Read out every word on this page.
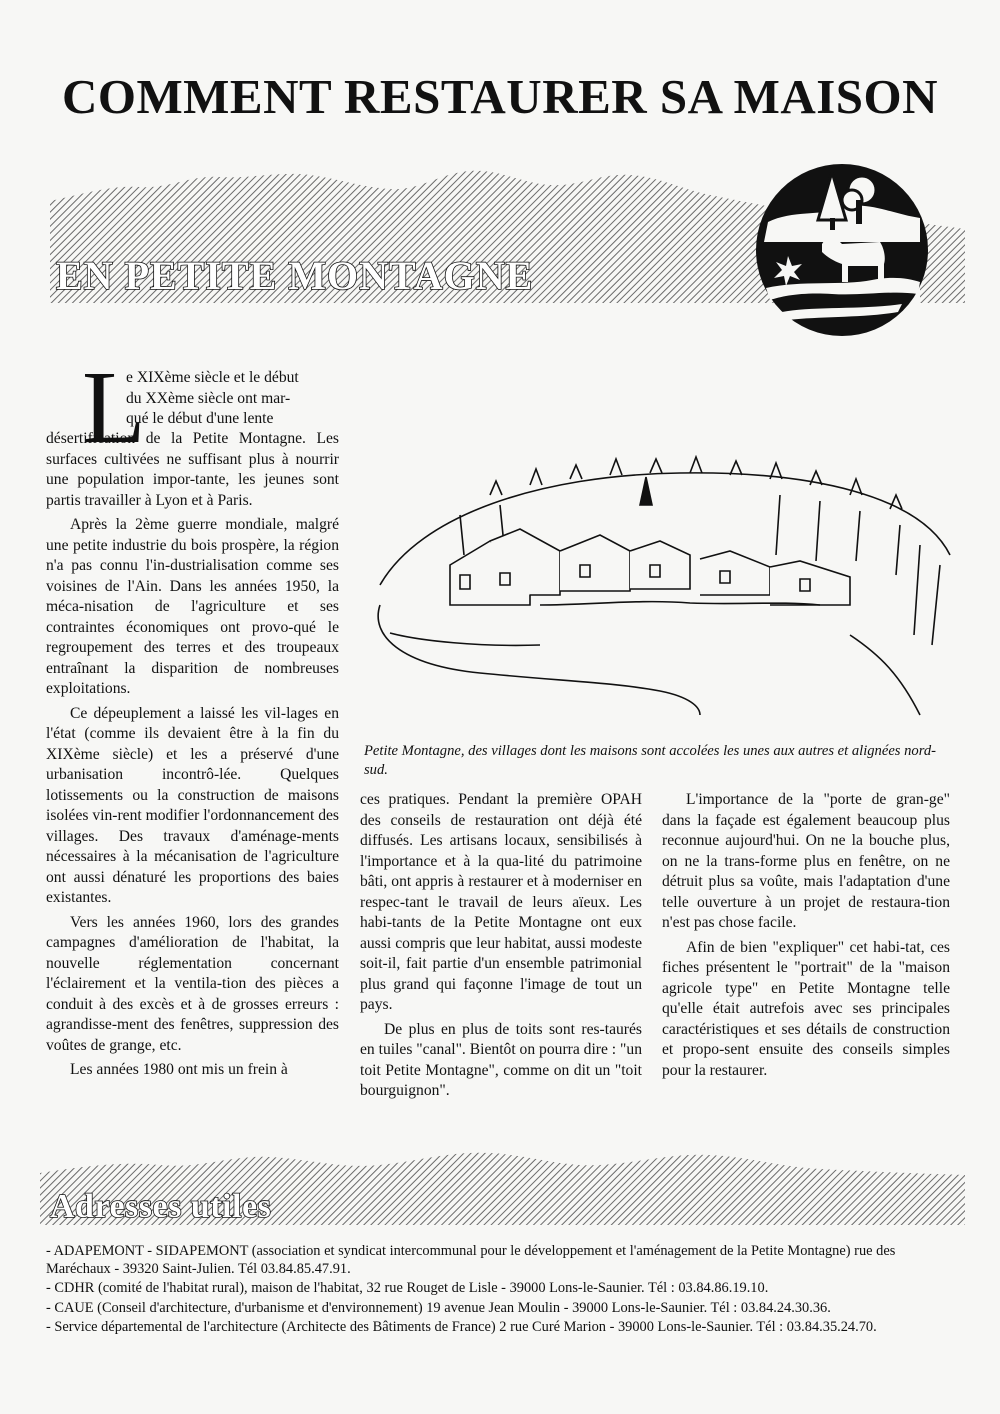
COMMENT RESTAURER SA MAISON
EN PETITE MONTAGNE
L
e XIXème siècle et le début
du XXème siècle ont mar-
qué le début d'une lente

désertification de la Petite Montagne. Les surfaces cultivées ne suffisant plus à nourrir une population impor-tante, les jeunes sont partis travailler à Lyon et à Paris.

Après la 2ème guerre mondiale, malgré une petite industrie du bois prospère, la région n'a pas connu l'in-dustrialisation comme ses voisines de l'Ain. Dans les années 1950, la méca-nisation de l'agriculture et ses contraintes économiques ont provo-qué le regroupement des terres et des troupeaux entraînant la disparition de nombreuses exploitations.

Ce dépeuplement a laissé les vil-lages en l'état (comme ils devaient être à la fin du XIXème siècle) et les a préservé d'une urbanisation incontrô-lée. Quelques lotissements ou la construction de maisons isolées vin-rent modifier l'ordonnancement des villages. Des travaux d'aménage-ments nécessaires à la mécanisation de l'agriculture ont aussi dénaturé les proportions des baies existantes.

Vers les années 1960, lors des grandes campagnes d'amélioration de l'habitat, la nouvelle réglementation concernant l'éclairement et la ventila-tion des pièces a conduit à des excès et à de grosses erreurs : agrandisse-ment des fenêtres, suppression des voûtes de grange, etc.

Les années 1980 ont mis un frein à

Petite Montagne, des villages dont les maisons sont accolées les unes aux autres et alignées nord-sud.

ces pratiques. Pendant la première OPAH des conseils de restauration ont déjà été diffusés. Les artisans locaux, sensibilisés à l'importance et à la qua-lité du patrimoine bâti, ont appris à restaurer et à moderniser en respec-tant le travail de leurs aïeux. Les habi-tants de la Petite Montagne ont eux aussi compris que leur habitat, aussi modeste soit-il, fait partie d'un ensemble patrimonial plus grand qui façonne l'image de tout un pays.

De plus en plus de toits sont res-taurés en tuiles "canal". Bientôt on pourra dire : "un toit Petite Montagne", comme on dit un "toit bourguignon".

L'importance de la "porte de gran-ge" dans la façade est également beaucoup plus reconnue aujourd'hui. On ne la bouche plus, on ne la trans-forme plus en fenêtre, on ne détruit plus sa voûte, mais l'adaptation d'une telle ouverture à un projet de restaura-tion n'est pas chose facile.

Afin de bien "expliquer" cet habi-tat, ces fiches présentent le "portrait" de la "maison agricole type" en Petite Montagne telle qu'elle était autrefois avec ses principales caractéristiques et ses détails de construction et propo-sent ensuite des conseils simples pour la restaurer.

Adresses utiles

- ADAPEMONT - SIDAPEMONT (association et syndicat intercommunal pour le développement et l'aménagement de la Petite Montagne) rue des Maréchaux - 39320 Saint-Julien. Tél 03.84.85.47.91.

- CDHR (comité de l'habitat rural), maison de l'habitat, 32 rue Rouget de Lisle - 39000 Lons-le-Saunier. Tél : 03.84.86.19.10.

- CAUE (Conseil d'architecture, d'urbanisme et d'environnement) 19 avenue Jean Moulin - 39000 Lons-le-Saunier. Tél : 03.84.24.30.36.

- Service départemental de l'architecture (Architecte des Bâtiments de France) 2 rue Curé Marion - 39000 Lons-le-Saunier. Tél : 03.84.35.24.70.
